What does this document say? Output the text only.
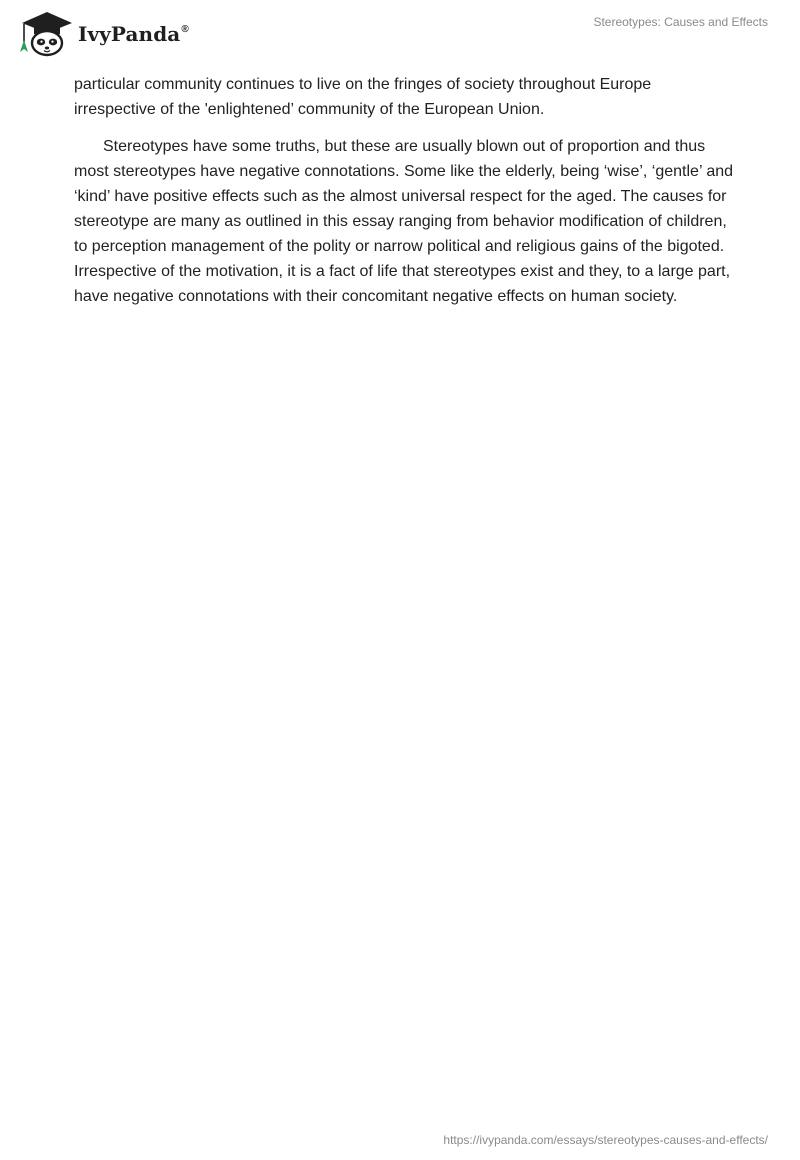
IvyPanda®
Stereotypes: Causes and Effects

particular community continues to live on the fringes of society throughout Europe irrespective of the 'enlightened’ community of the European Union.

Stereotypes have some truths, but these are usually blown out of proportion and thus most stereotypes have negative connotations. Some like the elderly, being ‘wise’, ‘gentle’ and ‘kind’ have positive effects such as the almost universal respect for the aged. The causes for stereotype are many as outlined in this essay ranging from behavior modification of children, to perception management of the polity or narrow political and religious gains of the bigoted. Irrespective of the motivation, it is a fact of life that stereotypes exist and they, to a large part, have negative connotations with their concomitant negative effects on human society.

https://ivypanda.com/essays/stereotypes-causes-and-effects/
